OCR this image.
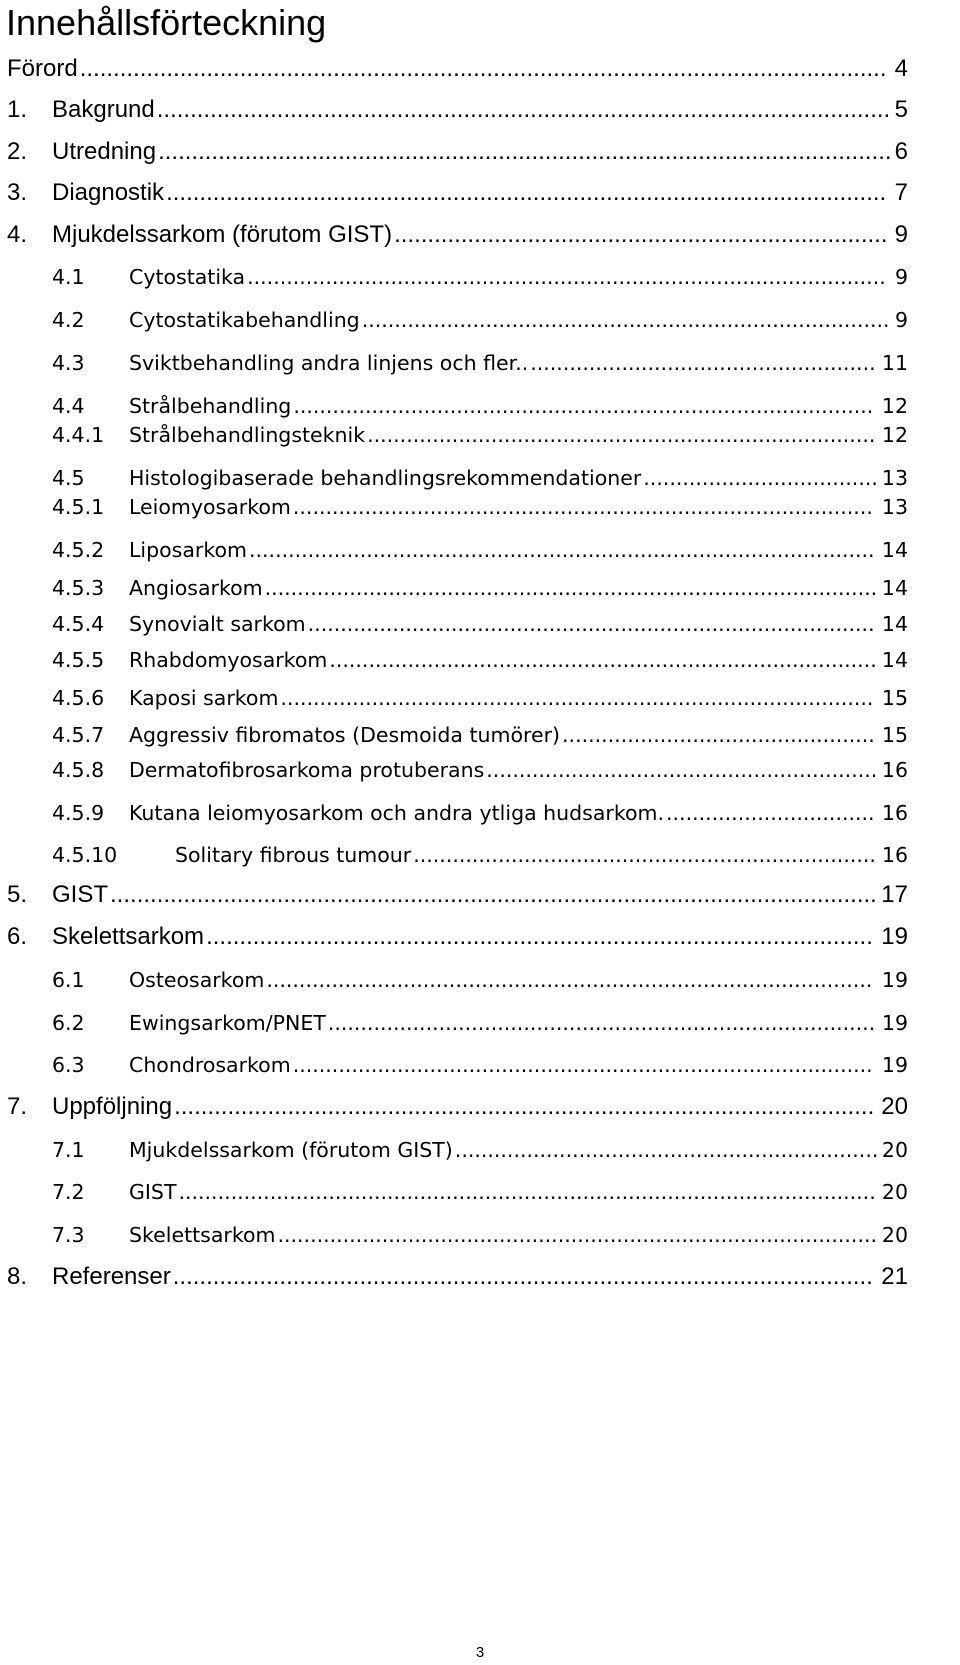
Innehållsförteckning
Förord ......................................................................................................................... 4
1. Bakgrund .............................................................................................................. 5
2. Utredning .............................................................................................................. 6
3. Diagnostik ............................................................................................................ 7
4. Mjukdelssarkom (förutom GIST) .......................................................................... 9
4.1 Cytostatika .................................................................................................. 9
4.2 Cytostatikabehandling ................................................................................. 9
4.3 Sviktbehandling andra linjens och fler.. ..................................................... 11
4.4 Strålbehandling ......................................................................................... 12
4.4.1 Strålbehandlingsteknik .............................................................................. 12
4.5 Histologibaserade behandlingsrekommendationer .................................... 13
4.5.1 Leiomyosarkom ......................................................................................... 13
4.5.2 Liposarkom ................................................................................................ 14
4.5.3 Angiosarkom .............................................................................................. 14
4.5.4 Synovialt sarkom ....................................................................................... 14
4.5.5 Rhabdomyosarkom .................................................................................... 14
4.5.6 Kaposi sarkom ........................................................................................... 15
4.5.7 Aggressiv fibromatos (Desmoida tumörer) ................................................ 15
4.5.8 Dermatofibrosarkoma protuberans ............................................................ 16
4.5.9 Kutana leiomyosarkom och andra ytliga hudsarkom. ................................ 16
4.5.10	Solitary fibrous tumour ....................................................................... 16
5. GIST ................................................................................................................... 17
6. Skelettsarkom .................................................................................................... 19
6.1 Osteosarkom ............................................................................................. 19
6.2 Ewingsarkom/PNET .................................................................................... 19
6.3 Chondrosarkom ......................................................................................... 19
7. Uppföljning ......................................................................................................... 20
7.1 Mjukdelssarkom (förutom GIST) ................................................................. 20
7.2 GIST ........................................................................................................... 20
7.3 Skelettsarkom ............................................................................................ 20
8. Referenser ......................................................................................................... 21
3
